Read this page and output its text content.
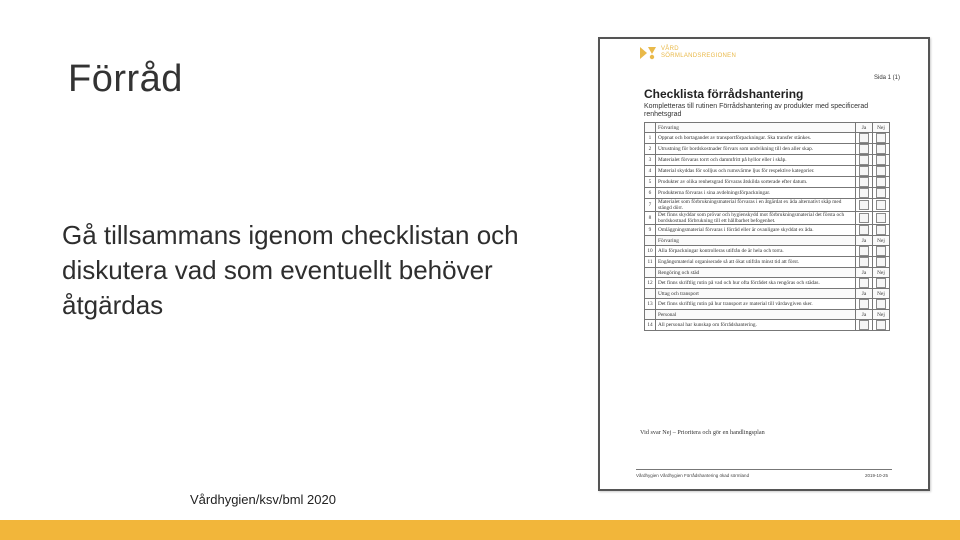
Förråd
Gå tillsammans igenom checklistan och diskutera vad som eventuellt behöver åtgärdas
Vårdhygien/ksv/bml 2020
VÅRD
SÖRMLANDSREGIONEN
Sida 1 (1)
Checklista förrådshantering
Kompletteras till rutinen Förrådshantering av produkter med specificerad renhetsgrad
	Förvaring	Ja	Nej
1	Oppnat och bortagandet av transportförpackningar. Ska transfer stänkes.		
2	Utrustning för bordskostnader förvars som undvikning till den aller skap.		
3	Materialet förvaras torrt och dammfritt på hyllor eller i skåp.		
4	Material skyddas för solljus och rumsvärme ljus för respektive kategorier.		
5	Produkter av olika renhetsgrad förvaras åtskilda sorterade efter datum.		
6	Produkterna förvaras i sina avdelningsförpackningar.		
7	Materialet som förbrukningsmaterial förvaras i en åtgärdat ex åda alternativt skåp med stängd dörr.		
8	Det finns skyddar som prövar och hygienskydd mot förbrukningsmaterial det första och bordskostnad förbrukning till ett hållbarhet befogenhet.		
9	Omläggningsmaterial förvaras i förråd eller är ovanligare skyddat ex åda.		
	Förvaring	Ja	Nej
10	Alla förpackningar kontrolleras utifrån de är hela och torra.		
11	Engångsmaterial organiserade så att ökat utifrån minst tid att först.		
	Rengöring och städ	Ja	Nej
12	Det finns skriftlig rutin på vad och hur ofta förrådet ska rengöras och städas.		
	Uttag och transport	Ja	Nej
13	Det finns skriftlig rutin på hur transport av material till vårdavgiven sker.		
	Personal	Ja	Nej
14	All personal har kunskap om förrådshantering.		
Vid svar Nej – Prioritera och gör en handlingsplan
Vårdhygien Vårdhygien Förrådshantering ökad sörmland	2019-10-25
